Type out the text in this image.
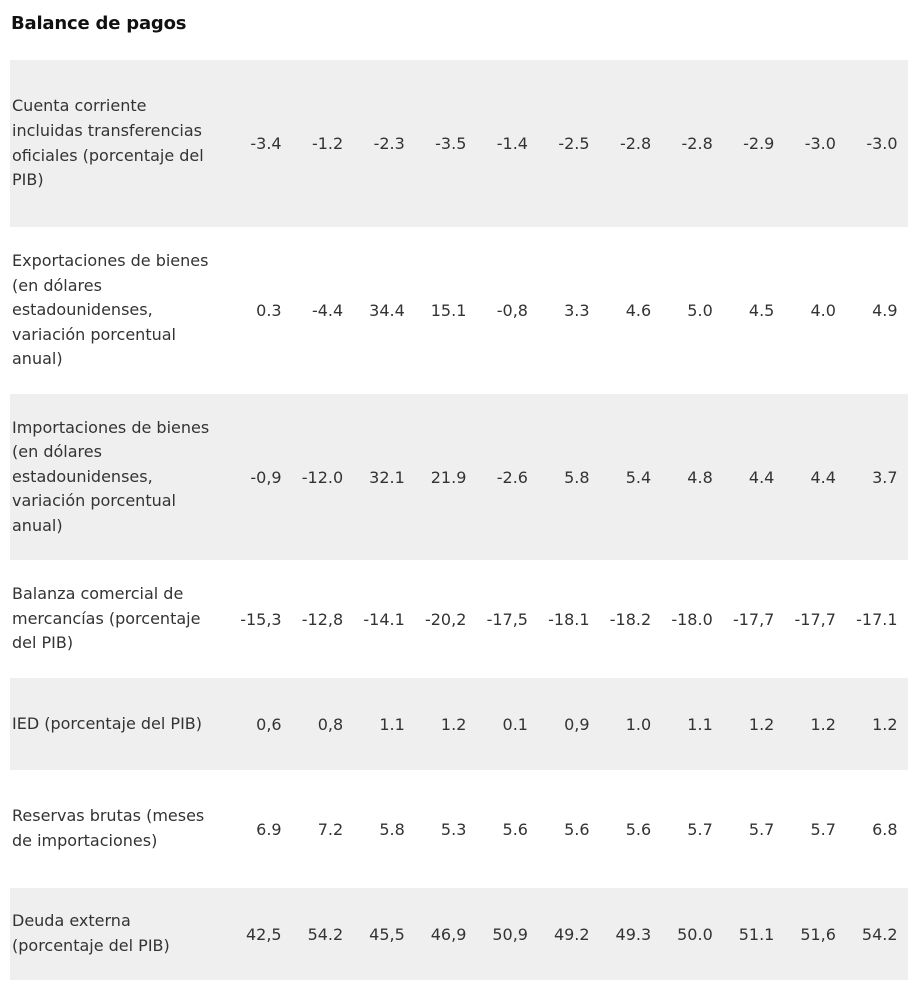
Balance de pagos
Cuenta corriente incluidas transferencias oficiales (porcentaje del PIB)
-3.4	-1.2	-2.3	-3.5	-1.4	-2.5	-2.8	-2.8	-2.9	-3.0	-3.0
Exportaciones de bienes (en dólares estadounidenses, variación porcentual anual)
0.3	-4.4	34.4	15.1	-0,8	3.3	4.6	5.0	4.5	4.0	4.9
Importaciones de bienes (en dólares estadounidenses, variación porcentual anual)
-0,9	-12.0	32.1	21.9	-2.6	5.8	5.4	4.8	4.4	4.4	3.7
Balanza comercial de mercancías (porcentaje del PIB)
-15,3	-12,8	-14.1	-20,2	-17,5	-18.1	-18.2	-18.0	-17,7	-17,7	-17.1
IED (porcentaje del PIB)	0,6	0,8	1.1	1.2	0.1	0,9	1.0	1.1	1.2	1.2	1.2
Reservas brutas (meses de importaciones)
6.9	7.2	5.8	5.3	5.6	5.6	5.6	5.7	5.7	5.7	6.8
Deuda externa (porcentaje del PIB)
42,5	54.2	45,5	46,9	50,9	49.2	49.3	50.0	51.1	51,6	54.2
